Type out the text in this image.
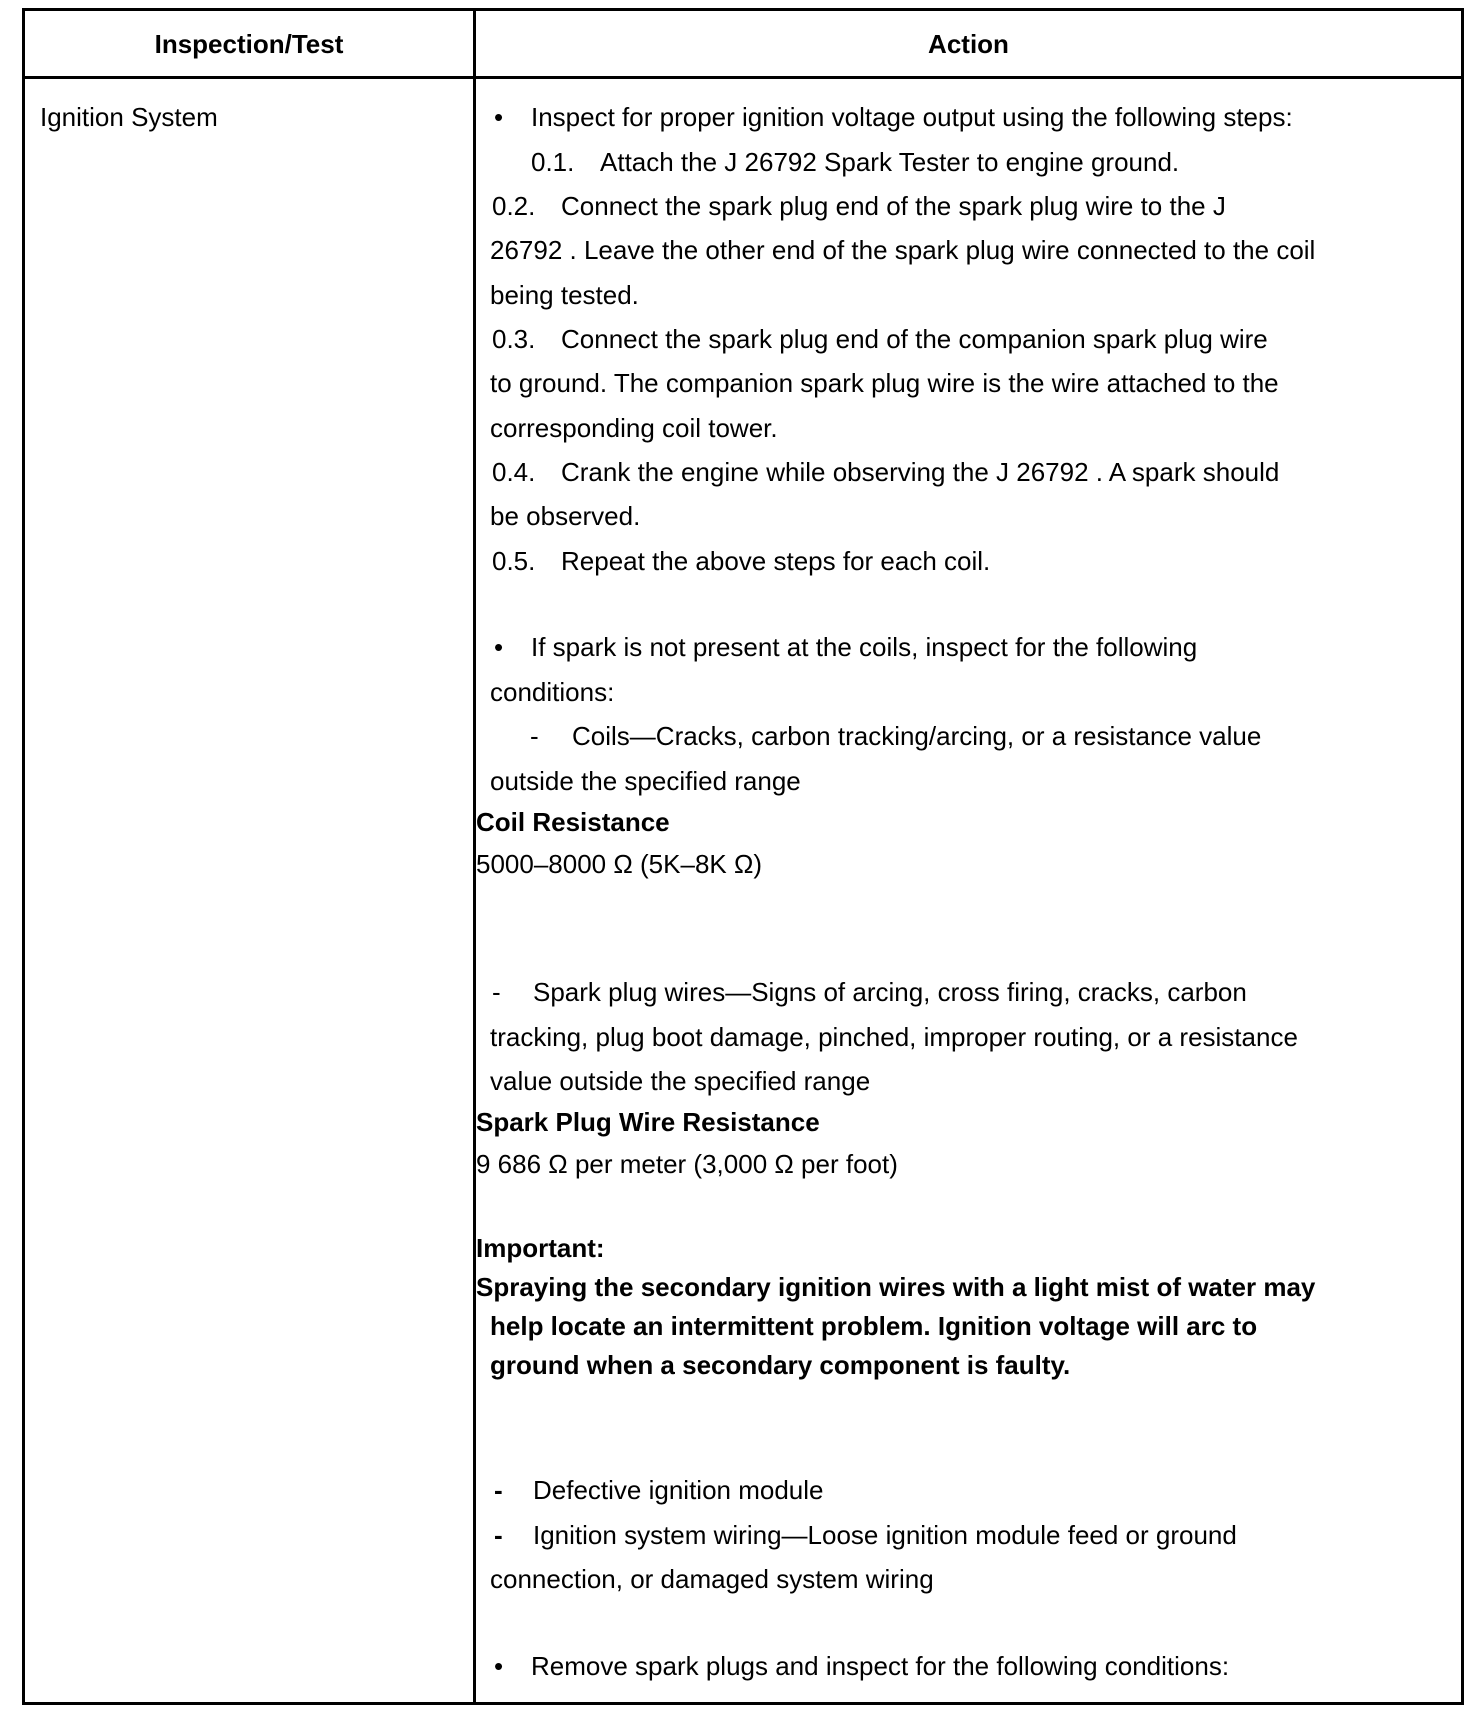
Inspection/Test	Action
Ignition System	• Inspect for proper ignition voltage output using the following steps:
0.1. Attach the J 26792 Spark Tester to engine ground.
0.2. Connect the spark plug end of the spark plug wire to the J
26792 . Leave the other end of the spark plug wire connected to the coil
being tested.
0.3. Connect the spark plug end of the companion spark plug wire
to ground. The companion spark plug wire is the wire attached to the
corresponding coil tower.
0.4. Crank the engine while observing the J 26792 . A spark should
be observed.
0.5. Repeat the above steps for each coil.
• If spark is not present at the coils, inspect for the following
conditions:
- Coils—Cracks, carbon tracking/arcing, or a resistance value
outside the specified range
Coil Resistance
5000–8000 Ω (5K–8K Ω)
- Spark plug wires—Signs of arcing, cross firing, cracks, carbon
tracking, plug boot damage, pinched, improper routing, or a resistance
value outside the specified range
Spark Plug Wire Resistance
9 686 Ω per meter (3,000 Ω per foot)
Important:
Spraying the secondary ignition wires with a light mist of water may
help locate an intermittent problem. Ignition voltage will arc to
ground when a secondary component is faulty.
- Defective ignition module
- Ignition system wiring—Loose ignition module feed or ground
connection, or damaged system wiring
• Remove spark plugs and inspect for the following conditions:
